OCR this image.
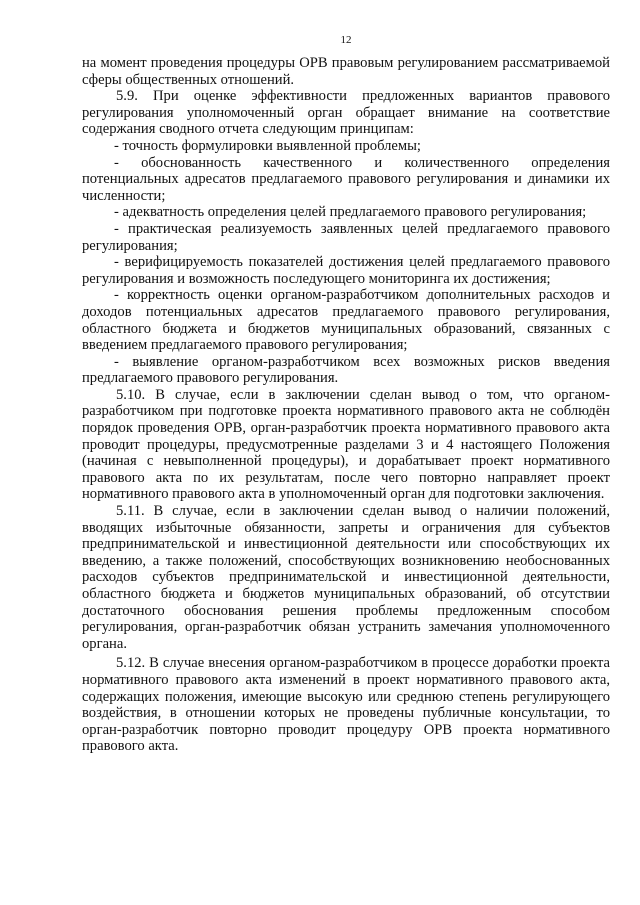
12

на момент проведения процедуры ОРВ правовым регулированием рассматриваемой сферы общественных отношений.

5.9. При оценке эффективности предложенных вариантов правового регулирования уполномоченный орган обращает внимание на соответствие содержания сводного отчета следующим принципам:

- точность формулировки выявленной проблемы;

- обоснованность качественного и количественного определения потенциальных адресатов предлагаемого правового регулирования и динамики их численности;

- адекватность определения целей предлагаемого правового регулирования;

- практическая реализуемость заявленных целей предлагаемого правового регулирования;

- верифицируемость показателей достижения целей предлагаемого правового регулирования и возможность последующего мониторинга их достижения;

- корректность оценки органом-разработчиком дополнительных расходов и доходов потенциальных адресатов предлагаемого правового регулирования, областного бюджета и бюджетов муниципальных образований, связанных с введением предлагаемого правового регулирования;

- выявление органом-разработчиком всех возможных рисков введения предлагаемого правового регулирования.

5.10. В случае, если в заключении сделан вывод о том, что органом-разработчиком при подготовке проекта нормативного правового акта не соблюдён порядок проведения ОРВ, орган-разработчик проекта нормативного правового акта проводит процедуры, предусмотренные разделами 3 и 4 настоящего Положения (начиная с невыполненной процедуры), и дорабатывает проект нормативного правового акта по их результатам, после чего повторно направляет проект нормативного правового акта в уполномоченный орган для подготовки заключения.

5.11. В случае, если в заключении сделан вывод о наличии положений, вводящих избыточные обязанности, запреты и ограничения для субъектов предпринимательской и инвестиционной деятельности или способствующих их введению, а также положений, способствующих возникновению необоснованных расходов субъектов предпринимательской и инвестиционной деятельности, областного бюджета и бюджетов муниципальных образований, об отсутствии достаточного обоснования решения проблемы предложенным способом регулирования, орган-разработчик обязан устранить замечания уполномоченного органа.

5.12. В случае внесения органом-разработчиком в процессе доработки проекта нормативного правового акта изменений в проект нормативного правового акта, содержащих положения, имеющие высокую или среднюю степень регулирующего воздействия, в отношении которых не проведены публичные консультации, то орган-разработчик повторно проводит процедуру ОРВ проекта нормативного правового акта.
